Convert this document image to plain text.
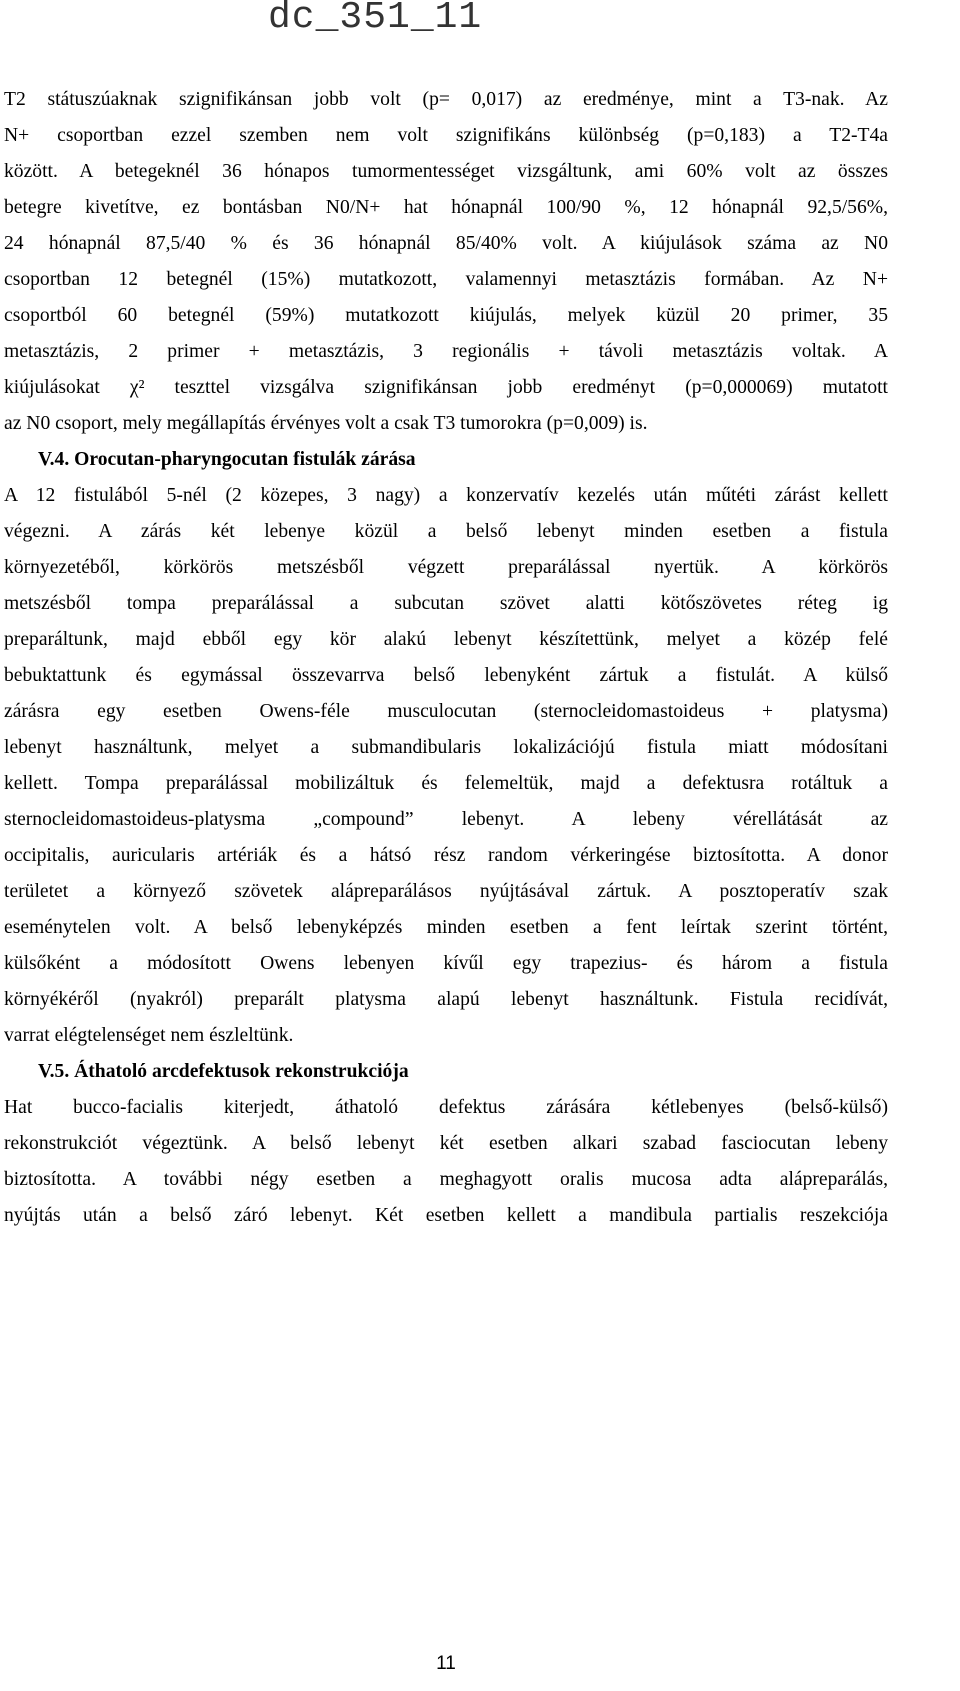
dc_351_11
T2 státuszúaknak szignifikánsan jobb volt (p= 0,017) az eredménye, mint a T3-nak. Az
N+ csoportban ezzel szemben nem volt szignifikáns különbség (p=0,183) a T2-T4a
között. A betegeknél 36 hónapos tumormentességet vizsgáltunk, ami 60% volt az összes
betegre kivetítve, ez bontásban N0/N+ hat hónapnál 100/90 %, 12 hónapnál 92,5/56%,
24 hónapnál 87,5/40 % és 36 hónapnál 85/40% volt. A kiújulások száma az N0
csoportban 12 betegnél (15%) mutatkozott, valamennyi metasztázis formában. Az N+
csoportból 60 betegnél (59%) mutatkozott kiújulás, melyek küzül 20 primer, 35
metasztázis, 2 primer + metasztázis, 3 regionális + távoli metasztázis voltak. A
kiújulásokat χ² teszttel vizsgálva szignifikánsan jobb eredményt (p=0,000069) mutatott
az N0 csoport, mely megállapítás érvényes volt a csak T3 tumorokra (p=0,009) is.
V.4. Orocutan-pharyngocutan fistulák zárása
A 12 fistulából 5-nél (2 közepes, 3 nagy) a konzervatív kezelés után műtéti zárást kellett
végezni. A zárás két lebenye közül a belső lebenyt minden esetben a fistula
környezetéből, körkörös metszésből végzett preparálással nyertük. A körkörös
metszésből tompa preparálással a subcutan szövet alatti kötőszövetes réteg ig
preparáltunk, majd ebből egy kör alakú lebenyt készítettünk, melyet a közép felé
bebuktattunk és egymással összevarrva belső lebenyként zártuk a fistulát. A külső
zárásra egy esetben Owens-féle musculocutan (sternocleidomastoideus + platysma)
lebenyt használtunk, melyet a submandibularis lokalizációjú fistula miatt módosítani
kellett. Tompa preparálással mobilizáltuk és felemeltük, majd a defektusra rotáltuk a
sternocleidomastoideus-platysma „compound” lebenyt. A lebeny vérellátását az
occipitalis, auricularis artériák és a hátsó rész random vérkeringése biztosította. A donor
területet a környező szövetek alápreparálásos nyújtásával zártuk. A posztoperatív szak
eseménytelen volt. A belső lebenyképzés minden esetben a fent leírtak szerint történt,
külsőként a módosított Owens lebenyen kívűl egy trapezius- és három a fistula
környékéről (nyakról) preparált platysma alapú lebenyt használtunk. Fistula recidívát,
varrat elégtelenséget nem észleltünk.
V.5. Áthatoló arcdefektusok rekonstrukciója
Hat bucco-facialis kiterjedt, áthatoló defektus zárására kétlebenyes (belső-külső)
rekonstrukciót végeztünk. A belső lebenyt két esetben alkari szabad fasciocutan lebeny
biztosította. A további négy esetben a meghagyott oralis mucosa adta alápreparálás,
nyújtás után a belső záró lebenyt. Két esetben kellett a mandibula partialis reszekciója
11
